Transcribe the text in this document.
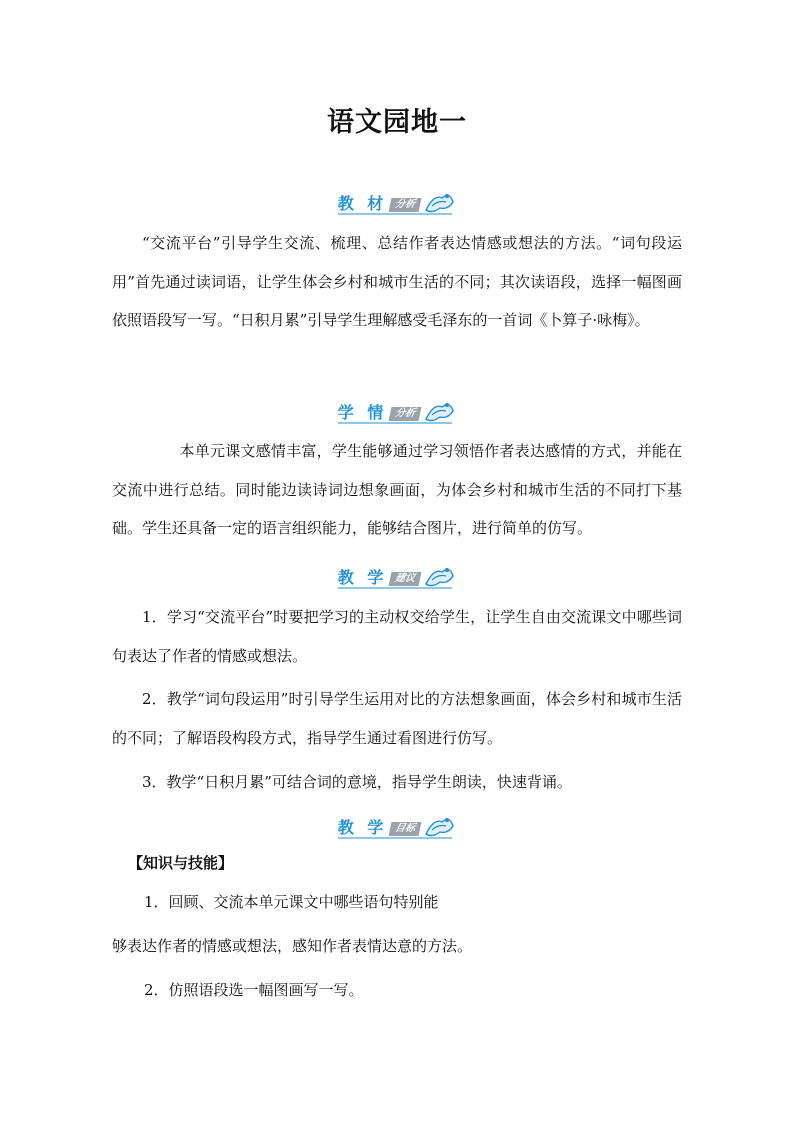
语文园地一
教 材 分析
“交流平台”引导学生交流、梳理、总结作者表达情感或想法的方法。“词句段运用”首先通过读词语，让学生体会乡村和城市生活的不同；其次读语段，选择一幅图画依照语段写一写。“日积月累”引导学生理解感受毛泽东的一首词《卜算子·咏梅》。
学 情 分析
本单元课文感情丰富，学生能够通过学习领悟作者表达感情的方式，并能在交流中进行总结。同时能边读诗词边想象画面，为体会乡村和城市生活的不同打下基础。学生还具备一定的语言组织能力，能够结合图片，进行简单的仿写。
教 学 建议
1．学习“交流平台”时要把学习的主动权交给学生，让学生自由交流课文中哪些词句表达了作者的情感或想法。
2．教学“词句段运用”时引导学生运用对比的方法想象画面，体会乡村和城市生活的不同；了解语段构段方式，指导学生通过看图进行仿写。
3．教学“日积月累”可结合词的意境，指导学生朗读，快速背诵。
教 学 目标
【知识与技能】
1．回顾、交流本单元课文中哪些语句特别能
够表达作者的情感或想法，感知作者表情达意的方法。
2．仿照语段选一幅图画写一写。
